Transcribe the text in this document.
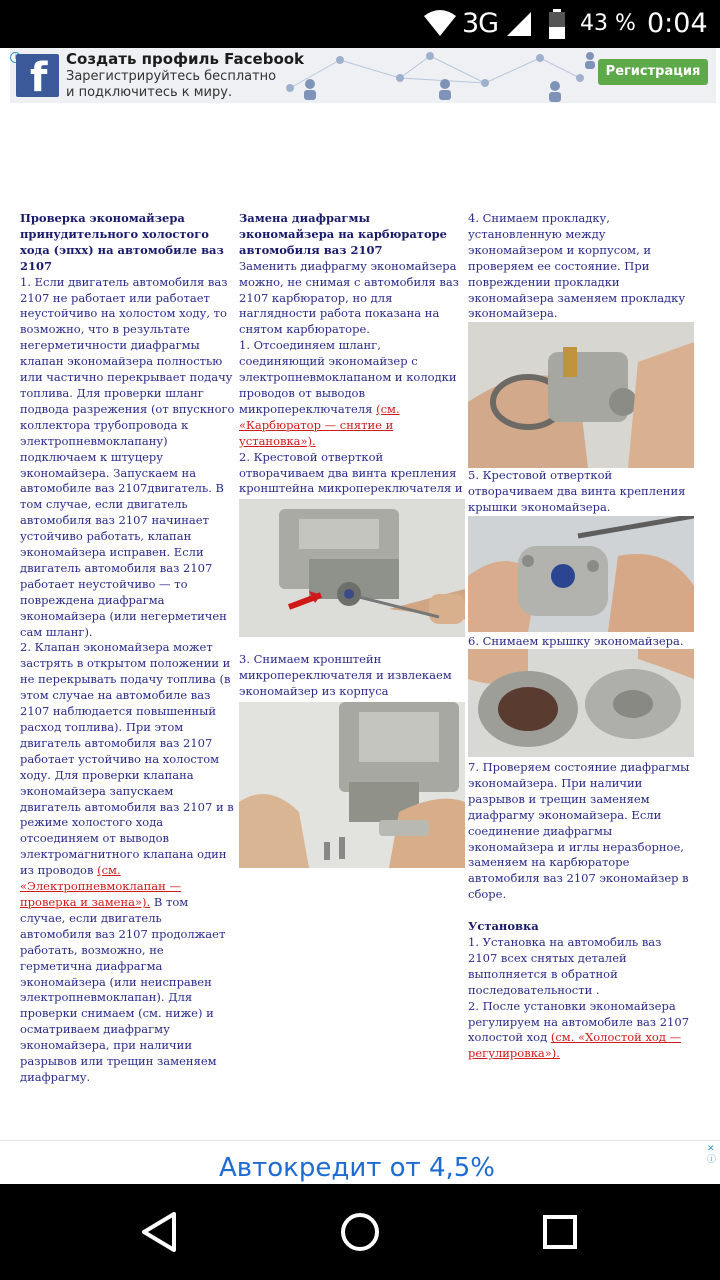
3G	43 % 0:04
f Создать профиль Facebook
Зарегистрируйтесь бесплатно
и подключитесь к миру.
Регистрация

Проверка экономайзера принудительного холостого хода (эпхх) на автомобиле ваз 2107

1. Если двигатель автомобиля ваз 2107 не работает или работает неустойчиво на холостом ходу, то возможно, что в результате негерметичности диафрагмы клапан экономайзера полностью или частично перекрывает подачу топлива. Для проверки шланг подвода разрежения (от впускного коллектора трубопровода к электропневмоклапану) подключаем к штуцеру экономайзера. Запускаем на автомобиле ваз 2107двигатель. В том случае, если двигатель автомобиля ваз 2107 начинает устойчиво работать, клапан экономайзера исправен. Если двигатель автомобиля ваз 2107 работает неустойчиво — то повреждена диафрагма экономайзера (или негерметичен сам шланг).

2. Клапан экономайзера может застрять в открытом положении и не перекрывать подачу топлива (в этом случае на автомобиле ваз 2107 наблюдается повышенный расход топлива). При этом двигатель автомобиля ваз 2107 работает устойчиво на холостом ходу. Для проверки клапана экономайзера запускаем двигатель автомобиля ваз 2107 и в режиме холостого хода отсоединяем от выводов электромагнитного клапана один из проводов (см. «Электропневмоклапан — проверка и замена»). В том случае, если двигатель автомобиля ваз 2107 продолжает работать, возможно, не герметична диафрагма экономайзера (или неисправен электропневмоклапан). Для проверки снимаем (см. ниже) и осматриваем диафрагму экономайзера, при наличии разрывов или трещин заменяем диафрагму.

Замена диафрагмы экономайзера на карбюраторе автомобиля ваз 2107

Заменить диафрагму экономайзера можно, не снимая с автомобиля ваз 2107 карбюратор, но для наглядности работа показана на снятом карбюраторе.

1. Отсоединяем шланг, соединяющий экономайзер с электропневмоклапаном и колодки проводов от выводов микропереключателя (см. «Карбюратор — снятие и установка»).

2. Крестовой отверткой отворачиваем два винта крепления кронштейна микропереключателя и

3. Снимаем кронштейн микропереключателя и извлекаем экономайзер из корпуса

4. Снимаем прокладку, установленную между экономайзером и корпусом, и проверяем ее состояние. При повреждении прокладки экономайзера заменяем прокладку экономайзера.

5. Крестовой отверткой отворачиваем два винта крепления крышки экономайзера.

6. Снимаем крышку экономайзера.

7. Проверяем состояние диафрагмы экономайзера. При наличии разрывов и трещин заменяем диафрагму экономайзера. Если соединение диафрагмы экономайзера и иглы неразборное, заменяем на карбюраторе автомобиля ваз 2107 экономайзер в сборе.

Установка

1. Установка на автомобиль ваз 2107 всех снятых деталей выполняется в обратной последовательности .

2. После установки экономайзера регулируем на автомобиле ваз 2107 холостой ход (см. «Холостой ход — регулировка»).

Автокредит от 4,5%
✕
ⓘ
